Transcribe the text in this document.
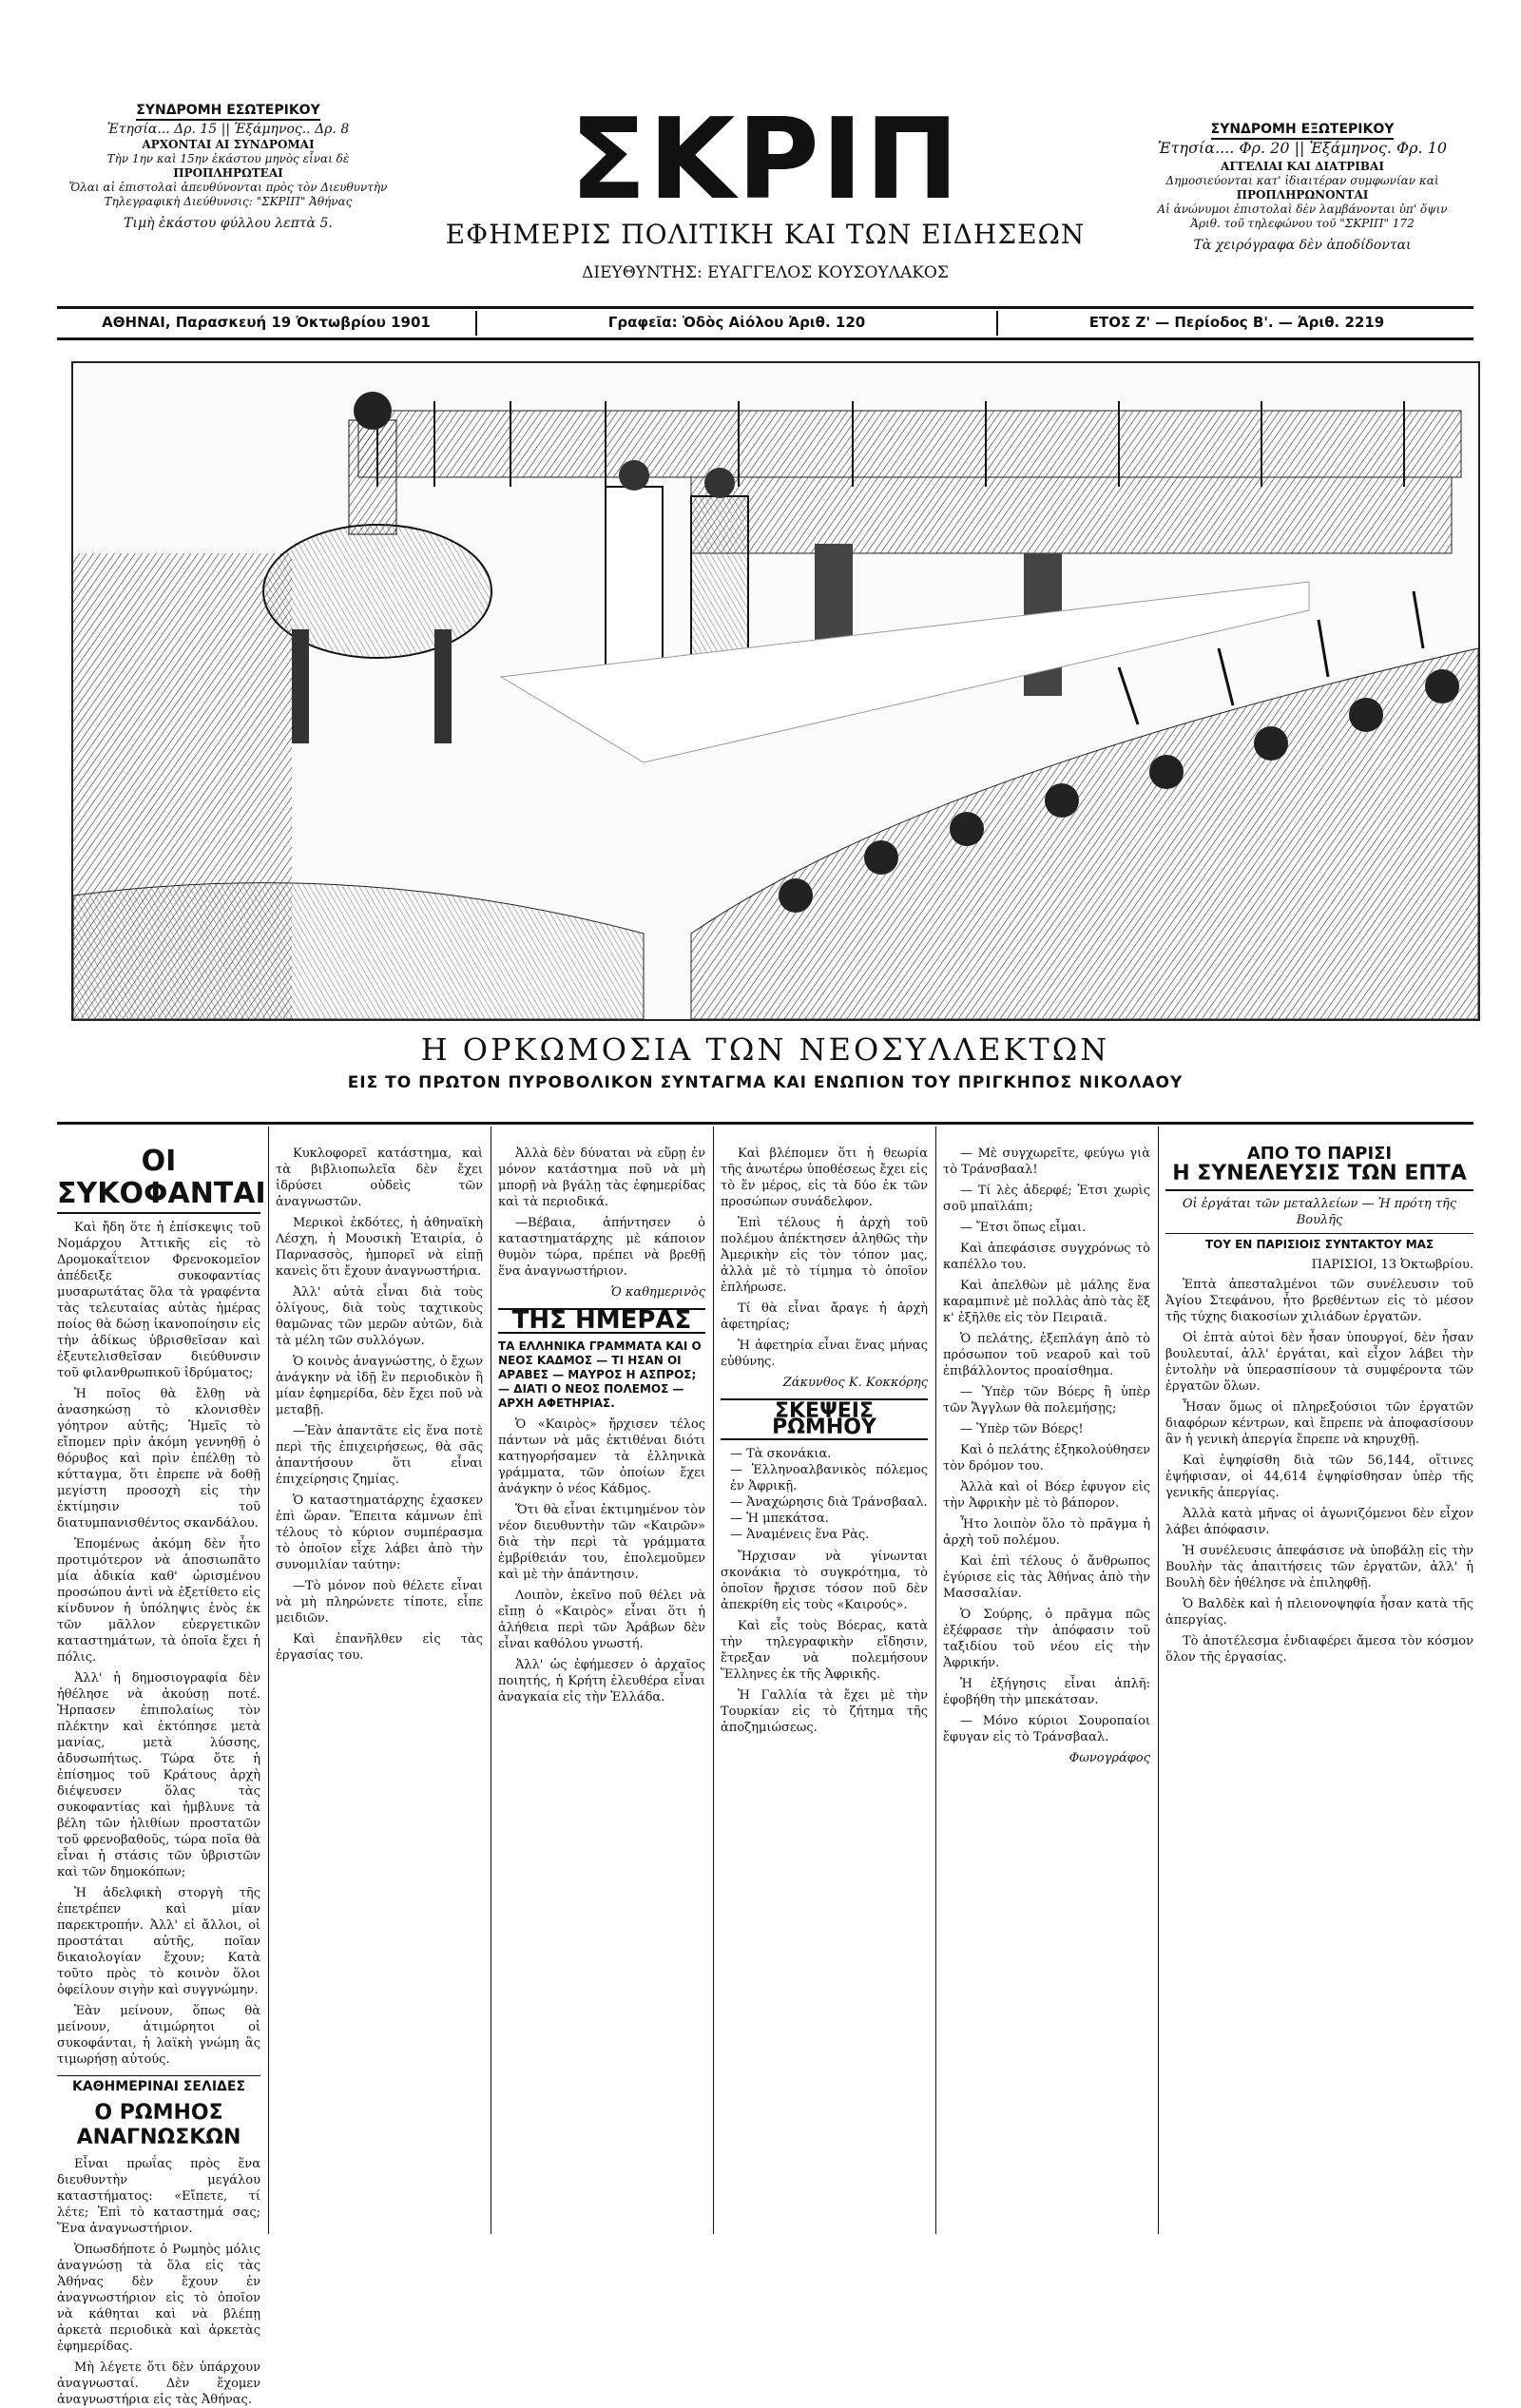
ΣΥΝΔΡΟΜΗ ΕΣΩΤΕΡΙΚΟΥ
Ἐτησία... Δρ. 15 || Ἑξάμηνος.. Δρ. 8
ΑΡΧΟΝΤΑΙ ΑΙ ΣΥΝΔΡΟΜΑΙ
Τὴν 1ην καὶ 15ην ἑκάστου μηνὸς εἶναι δὲ
ΠΡΟΠΛΗΡΩΤΕΑΙ
Ὅλαι αἱ ἐπιστολαὶ ἀπευθύνονται πρὸς τὸν Διευθυντὴν
Τηλεγραφικὴ Διεύθυνσις: "ΣΚΡΙΠ" Ἀθήνας
Τιμὴ ἑκάστου φύλλου λεπτὰ 5.	ΣΚΡΙΠ
ΕΦΗΜΕΡΙΣ ΠΟΛΙΤΙΚΗ ΚΑΙ ΤΩΝ ΕΙΔΗΣΕΩΝ
ΔΙΕΥΘΥΝΤΗΣ: ΕΥΑΓΓΕΛΟΣ ΚΟΥΣΟΥΛΑΚΟΣ
ΣΥΝΔΡΟΜΗ ΕΞΩΤΕΡΙΚΟΥ
Ἐτησία.... Φρ. 20 || Ἑξάμηνος. Φρ. 10
ΑΓΓΕΛΙΑΙ ΚΑΙ ΔΙΑΤΡΙΒΑΙ
Δημοσιεύονται κατ' ἰδιαιτέραν συμφωνίαν καὶ
ΠΡΟΠΛΗΡΩΝΟΝΤΑΙ
Αἱ ἀνώνυμοι ἐπιστολαὶ δὲν λαμβάνονται ὑπ' ὄψιν
Ἀριθ. τοῦ τηλεφώνου τοῦ "ΣΚΡΙΠ" 172
Τὰ χειρόγραφα δὲν ἀποδίδονται
ΑΘΗΝΑΙ, Παρασκευή 19 Ὀκτωβρίου 1901	Γραφεῖα: Ὁδὸς Αἰόλου Ἀριθ. 120	ΕΤΟΣ Ζ' — Περίοδος Β'. — Ἀριθ. 2219
Η ΟΡΚΩΜΟΣΙΑ ΤΩΝ ΝΕΟΣΥΛΛΕΚΤΩΝ
ΕΙΣ ΤΟ ΠΡΩΤΟΝ ΠΥΡΟΒΟΛΙΚΟΝ ΣΥΝΤΑΓΜΑ ΚΑΙ ΕΝΩΠΙΟΝ ΤΟΥ ΠΡΙΓΚΗΠΟΣ ΝΙΚΟΛΑΟΥ
ΟΙ ΣΥΚΟΦΑΝΤΑΙ

Καὶ ἤδη ὅτε ἡ ἐπίσκεψις τοῦ Νομάρχου Ἀττικῆς εἰς τὸ Δρομοκαΐτειον Φρενοκομεῖον ἀπέδειξε συκοφαντίας μυσαρωτάτας ὅλα τὰ γραφέντα τὰς τελευταίας αὐτὰς ἡμέρας ποίος θὰ δώσῃ ἱκανοποίησιν εἰς τὴν ἀδίκως ὑβρισθεῖσαν καὶ ἐξευτελισθεῖσαν διεύθυνσιν τοῦ φιλανθρωπικοῦ ἱδρύματος;

Ἡ ποῖος θὰ ἔλθῃ νὰ ἀνασηκώσῃ τὸ κλονισθὲν γόητρον αὐτῆς; Ἡμεῖς τὸ εἴπομεν πρὶν ἀκόμη γεννηθῇ ὁ θόρυβος καὶ πρὶν ἐπέλθῃ τὸ κύτταγμα, ὅτι ἐπρεπε νὰ δοθῇ μεγίστη προσοχὴ εἰς τὴν ἐκτίμησιν τοῦ διατυμπανισθέντος σκανδάλου.

Ἐπομένως ἀκόμη δὲν ἦτο προτιμότερον νὰ ἀποσιωπᾶτο μία ἀδικία καθ' ὡρισμένου προσώπου ἀντὶ νὰ ἐξετίθετο εἰς κίνδυνον ἡ ὑπόληψις ἑνὸς ἐκ τῶν μᾶλλον εὐεργετικῶν καταστημάτων, τὰ ὁποῖα ἔχει ἡ πόλις.

Ἀλλ' ἡ δημοσιογραφία δὲν ἠθέλησε νὰ ἀκούσῃ ποτέ. Ἠρπασεν ἐπιπολαίως τὸν πλέκτην καὶ ἐκτόπησε μετὰ μανίας, μετὰ λύσσης, ἀδυσωπήτως. Τώρα ὅτε ἡ ἐπίσημος τοῦ Κράτους ἀρχὴ διέψευσεν ὅλας τὰς συκοφαντίας καὶ ἠμβλυνε τὰ βέλη τῶν ἠλιθίων προστατῶν τοῦ φρενοβαθοῦς, τώρα ποῖα θὰ εἶναι ἡ στάσις τῶν ὑβριστῶν καὶ τῶν δημοκόπων;

Ἡ ἀδελφικὴ στοργὴ τῆς ἐπετρέπεν καὶ μίαν παρεκτροπήν. Ἀλλ' εἰ ἄλλοι, οἱ προστάται αὐτῆς, ποῖαν δικαιολογίαν ἔχουν; Κατὰ τοῦτο πρὸς τὸ κοινὸν ὅλοι ὀφείλουν σιγὴν καὶ συγγνώμην.

Ἐὰν μείνουν, ὅπως θὰ μείνουν, ἀτιμώρητοι οἱ συκοφάνται, ἡ λαϊκὴ γνώμη ἂς τιμωρήσῃ αὐτούς.

ΚΑΘΗΜΕΡΙΝΑΙ ΣΕΛΙΔΕΣ
Ο ΡΩΜΗΟΣ ΑΝΑΓΝΩΣΚΩΝ

Εἶναι πρωΐας πρὸς ἕνα διευθυντὴν μεγάλου καταστήματος: «Εἴπετε, τί λέτε; Ἐπὶ τὸ καταστημά σας; Ἕνα ἀναγνωστήριον.

Ὁπωσδήποτε ὁ Ρωμηὸς μόλις ἀναγνώσῃ τὰ ὅλα εἰς τὰς Ἀθήνας δὲν ἔχουν ἐν ἀναγνωστήριον εἰς τὸ ὁποῖον νὰ κάθηται καὶ νὰ βλέπῃ ἀρκετὰ περιοδικὰ καὶ ἀρκετὰς ἐφημερίδας.

Μὴ λέγετε ὅτι δὲν ὑπάρχουν ἀναγνωσταί. Δὲν ἔχομεν ἀναγνωστήρια εἰς τὰς Ἀθήνας.

Κυκλοφορεῖ κατάστημα, καὶ τὰ βιβλιοπωλεῖα δὲν ἔχει ἱδρύσει οὐδεὶς τῶν ἀναγνωστῶν.

Μερικοὶ ἐκδότες, ἡ ἀθηναϊκὴ Λέσχη, ἡ Μουσικὴ Ἑταιρία, ὁ Παρνασσὸς, ἠμπορεῖ νὰ εἰπῇ κανεὶς ὅτι ἔχουν ἀναγνωστήρια.

Ἀλλ' αὐτὰ εἶναι διὰ τοὺς ὀλίγους, διὰ τοὺς ταχτικοὺς θαμῶνας τῶν μερῶν αὐτῶν, διὰ τὰ μέλη τῶν συλλόγων.

Ὁ κοινὸς ἀναγνώστης, ὁ ἔχων ἀνάγκην νὰ ἰδῇ ἓν περιοδικὸν ἢ μίαν ἐφημερίδα, δὲν ἔχει ποῦ νὰ μεταβῇ.

—Ἐὰν ἀπαντᾶτε εἰς ἕνα ποτὲ περὶ τῆς ἐπιχειρήσεως, θὰ σᾶς ἀπαντήσουν ὅτι εἶναι ἐπιχείρησις ζημίας.

Ὁ καταστηματάρχης ἐχασκεν ἐπὶ ὥραν. Ἔπειτα κάμνων ἐπὶ τέλους τὸ κύριον συμπέρασμα τὸ ὁποῖον εἶχε λάβει ἀπὸ τὴν συνομιλίαν ταύτην:

—Τὸ μόνον ποὺ θέλετε εἶναι νὰ μὴ πληρώνετε τίποτε, εἶπε μειδιῶν.

Καὶ ἐπανῆλθεν εἰς τὰς ἐργασίας του.

Ἀλλὰ δὲν δύναται νὰ εὕρῃ ἐν μόνον κατάστημα ποῦ νὰ μὴ μπορῇ νὰ βγάλῃ τὰς ἐφημερίδας καὶ τὰ περιοδικά.

—Βέβαια, ἀπήντησεν ὁ καταστηματάρχης μὲ κάποιον θυμὸν τώρα, πρέπει νὰ βρεθῇ ἕνα ἀναγνωστήριον.

Ὁ καθημερινὸς
ΤΗΣ ΗΜΕΡΑΣ
ΤΑ ΕΛΛΗΝΙΚΑ ΓΡΑΜΜΑΤΑ ΚΑΙ Ο ΝΕΟΣ ΚΑΔΜΟΣ — ΤΙ ΗΣΑΝ ΟΙ ΑΡΑΒΕΣ — ΜΑΥΡΟΣ Η ΑΣΠΡΟΣ; — ΔΙΑΤΙ Ο ΝΕΟΣ ΠΟΛΕΜΟΣ — ΑΡΧΗ ΑΦΕΤΗΡΙΑΣ.

Ὁ «Καιρὸς» ἤρχισεν τέλος πάντων νὰ μᾶς ἐκτιθέναι διότι κατηγορήσαμεν τὰ ἑλληνικὰ γράμματα, τῶν ὁποίων ἔχει ἀνάγκην ὁ νέος Κάδμος.

Ὅτι θὰ εἶναι ἐκτιμημένον τὸν νέον διευθυντὴν τῶν «Καιρῶν» διὰ τὴν περὶ τὰ γράμματα ἐμβρίθειάν του, ἐπολεμοῦμεν καὶ μὲ τὴν ἀπάντησιν.

Λοιπὸν, ἐκεῖνο ποῦ θέλει νὰ εἴπῃ ὁ «Καιρὸς» εἶναι ὅτι ἡ ἀλήθεια περὶ τῶν Ἀράβων δὲν εἶναι καθόλου γνωστή.

Ἀλλ' ὡς ἐφήμεσεν ὁ ἀρχαῖος ποιητής, ἡ Κρήτη ἐλευθέρα εἶναι ἀναγκαία εἰς τὴν Ἑλλάδα.

Καὶ βλέπομεν ὅτι ἡ θεωρία τῆς ἀνωτέρω ὑποθέσεως ἔχει εἰς τὸ ἕν μέρος, εἰς τὰ δύο ἐκ τῶν προσώπων συνάδελφον.

Ἐπὶ τέλους ἡ ἀρχὴ τοῦ πολέμου ἀπέκτησεν ἀληθῶς τὴν Ἀμερικὴν εἰς τὸν τόπον μας, ἀλλὰ μὲ τὸ τίμημα τὸ ὁποῖον ἐπλήρωσε.

Τί θὰ εἶναι ἄραγε ἡ ἀρχὴ ἀφετηρίας;

Ἡ ἀφετηρία εἶναι ἕνας μήνας εὐθύνης.

Ζάκυνθος Κ. Κοκκόρης
ΣΚΕΨΕΙΣ ΡΩΜΗΟΥ
— Τὰ σκονάκια.
— Ἑλληνοαλβανικὸς πόλεμος ἐν Ἀφρικῇ.
— Ἀναχώρησις διὰ Τράνσβααλ.
— Ἡ μπεκάτσα.
— Ἀναμένεις ἕνα Ρὰς.

Ἤρχισαν νὰ γίνωνται σκονάκια τὸ συγκρότημα, τὸ ὁποῖον ἤρχισε τόσον ποῦ δὲν ἀπεκρίθη εἰς τοὺς «Καιρούς».

Καὶ εἶς τοὺς Βόερας, κατὰ τὴν τηλεγραφικὴν εἴδησιν, ἔτρεξαν νὰ πολεμήσουν Ἕλληνες ἐκ τῆς Ἀφρικῆς.

Ἡ Γαλλία τὰ ἔχει μὲ τὴν Τουρκίαν εἰς τὸ ζήτημα τῆς ἀποζημιώσεως.

— Μὲ συγχωρεῖτε, φεύγω γιὰ τὸ Τράνσβααλ!

— Τί λὲς ἀδερφέ; Ἐτσι χωρὶς σοῦ μπαϊλάπι;

— Ἔτσι ὅπως εἶμαι.

Καὶ ἀπεφάσισε συγχρόνως τὸ καπέλλο του.

Καὶ ἀπελθὼν μὲ μάλης ἕνα καραμπινὲ μὲ πολλὰς ἀπὸ τὰς ἕξ κ' ἐξῆλθε εἰς τὸν Πειραιᾶ.

Ὁ πελάτης, ἐξεπλάγη ἀπὸ τὸ πρόσωπον τοῦ νεαροῦ καὶ τοῦ ἐπιβάλλοντος προαίσθημα.

— Ὑπὲρ τῶν Βόερς ἢ ὑπὲρ τῶν Ἄγγλων θὰ πολεμήσῃς;

— Ὑπὲρ τῶν Βόερς!

Καὶ ὁ πελάτης ἐξηκολούθησεν τὸν δρόμον του.

Ἀλλὰ καὶ οἱ Βόερ ἐφυγον εἰς τὴν Ἀφρικὴν μὲ τὸ βάπορον.

Ἦτο λοιπὸν ὅλο τὸ πρᾶγμα ἡ ἀρχὴ τοῦ πολέμου.

Καὶ ἐπὶ τέλους ὁ ἄνθρωπος ἐγύρισε εἰς τὰς Ἀθήνας ἀπὸ τὴν Μασσαλίαν.

Ὁ Σούρης, ὁ πρᾶγμα πῶς ἐξέφρασε τὴν ἀπόφασιν τοῦ ταξιδίου τοῦ νέου εἰς τὴν Ἀφρικήν.

Ἡ ἐξήγησις εἶναι ἁπλῆ: ἐφοβήθη τὴν μπεκάτσαν.

— Μόνο κύριοι Σουροπαίοι ἔφυγαν εἰς τὸ Τράνσβααλ.

Φωνογράφος
ΑΠΟ ΤΟ ΠΑΡΙΣΙ
Η ΣΥΝΕΛΕΥΣΙΣ ΤΩΝ ΕΠΤΑ
Οἱ ἐργάται τῶν μεταλλείων — Ἡ πρότη τῆς Βουλῆς
ΤΟΥ ΕΝ ΠΑΡΙΣΙΟΙΣ ΣΥΝΤΑΚΤΟΥ ΜΑΣ
ΠΑΡΙΣΙΟΙ, 13 Ὀκτωβρίου.

Ἐπτὰ ἀπεσταλμένοι τῶν συνέλευσιν τοῦ Ἀγίου Στεφάνου, ἦτο βρεθέντων εἰς τὸ μέσον τῆς τύχης διακοσίων χιλιάδων ἐργατῶν.

Οἱ ἑπτὰ αὐτοὶ δὲν ἦσαν ὑπουργοί, δὲν ἦσαν βουλευταί, ἀλλ' ἐργάται, καὶ εἶχον λάβει τὴν ἐντολὴν νὰ ὑπερασπίσουν τὰ συμφέροντα τῶν ἐργατῶν ὅλων.

Ἦσαν ὅμως οἱ πληρεξούσιοι τῶν ἐργατῶν διαφόρων κέντρων, καὶ ἔπρεπε νὰ ἀποφασίσουν ἂν ἡ γενικὴ ἀπεργία ἔπρεπε νὰ κηρυχθῇ.

Καὶ ἐψηφίσθη διὰ τῶν 56,144, οἵτινες ἐψήφισαν, οἱ 44,614 ἐψηφίσθησαν ὑπὲρ τῆς γενικῆς ἀπεργίας.

Ἀλλὰ κατὰ μῆνας οἱ ἀγωνιζόμενοι δὲν εἶχον λάβει ἀπόφασιν.

Ἡ συνέλευσις ἀπεφάσισε νὰ ὑποβάλῃ εἰς τὴν Βουλὴν τὰς ἀπαιτήσεις τῶν ἐργατῶν, ἀλλ' ἡ Βουλὴ δὲν ἠθέλησε νὰ ἐπιληφθῇ.

Ὁ Βαλδὲκ καὶ ἡ πλειονοψηφία ἦσαν κατὰ τῆς ἀπεργίας.

Τὸ ἀποτέλεσμα ἐνδιαφέρει ἄμεσα τὸν κόσμον ὅλον τῆς ἐργασίας.
